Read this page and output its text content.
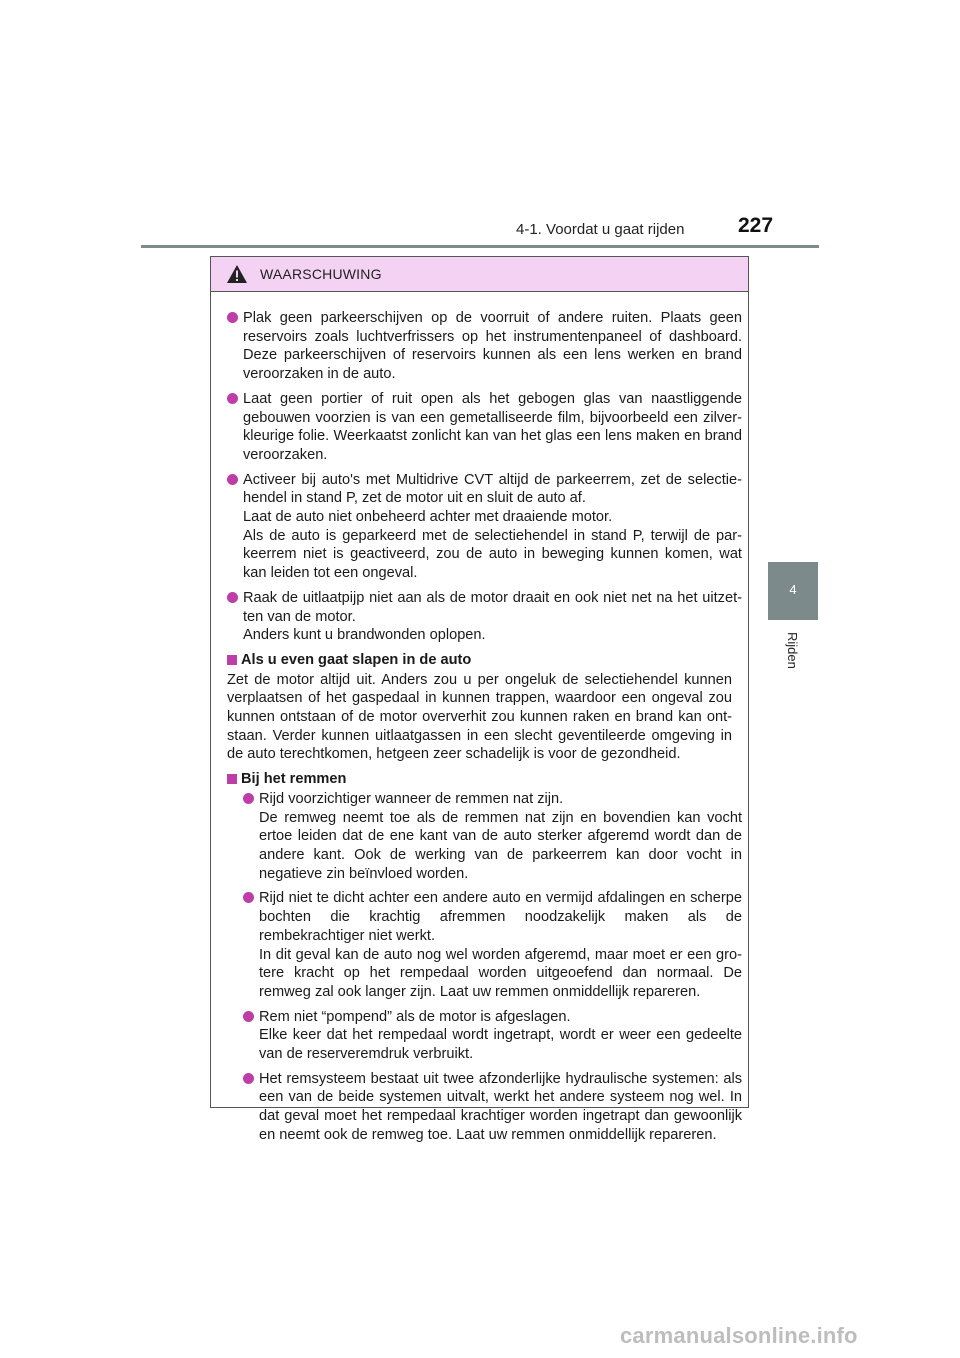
4-1. Voordat u gaat rijden	227
4
Rijden
WAARSCHUWING

Plak geen parkeerschijven op de voorruit of andere ruiten. Plaats geen reservoirs zoals luchtverfrissers op het instrumentenpaneel of dashboard. Deze parkeerschijven of reservoirs kunnen als een lens werken en brand veroorzaken in de auto.

Laat geen portier of ruit open als het gebogen glas van naastliggende gebouwen voorzien is van een gemetalliseerde film, bijvoorbeeld een zilver-kleurige folie. Weerkaatst zonlicht kan van het glas een lens maken en brand veroorzaken.

Activeer bij auto's met Multidrive CVT altijd de parkeerrem, zet de selectie-hendel in stand P, zet de motor uit en sluit de auto af.

Laat de auto niet onbeheerd achter met draaiende motor.

Als de auto is geparkeerd met de selectiehendel in stand P, terwijl de par-keerrem niet is geactiveerd, zou de auto in beweging kunnen komen, wat kan leiden tot een ongeval.

Raak de uitlaatpijp niet aan als de motor draait en ook niet net na het uitzet-ten van de motor.

Anders kunt u brandwonden oplopen.

Als u even gaat slapen in de auto

Zet de motor altijd uit. Anders zou u per ongeluk de selectiehendel kunnen verplaatsen of het gaspedaal in kunnen trappen, waardoor een ongeval zou kunnen ontstaan of de motor oververhit zou kunnen raken en brand kan ont-staan. Verder kunnen uitlaatgassen in een slecht geventileerde omgeving in de auto terechtkomen, hetgeen zeer schadelijk is voor de gezondheid.

Bij het remmen

Rijd voorzichtiger wanneer de remmen nat zijn.

De remweg neemt toe als de remmen nat zijn en bovendien kan vocht ertoe leiden dat de ene kant van de auto sterker afgeremd wordt dan de andere kant. Ook de werking van de parkeerrem kan door vocht in negatieve zin beïnvloed worden.

Rijd niet te dicht achter een andere auto en vermijd afdalingen en scherpe bochten die krachtig afremmen noodzakelijk maken als de rembekrachtiger niet werkt.

In dit geval kan de auto nog wel worden afgeremd, maar moet er een gro-tere kracht op het rempedaal worden uitgeoefend dan normaal. De remweg zal ook langer zijn. Laat uw remmen onmiddellijk repareren.

Rem niet “pompend” als de motor is afgeslagen.

Elke keer dat het rempedaal wordt ingetrapt, wordt er weer een gedeelte van de reserveremdruk verbruikt.

Het remsysteem bestaat uit twee afzonderlijke hydraulische systemen: als een van de beide systemen uitvalt, werkt het andere systeem nog wel. In dat geval moet het rempedaal krachtiger worden ingetrapt dan gewoonlijk en neemt ook de remweg toe. Laat uw remmen onmiddellijk repareren.

carmanualsonline.info
